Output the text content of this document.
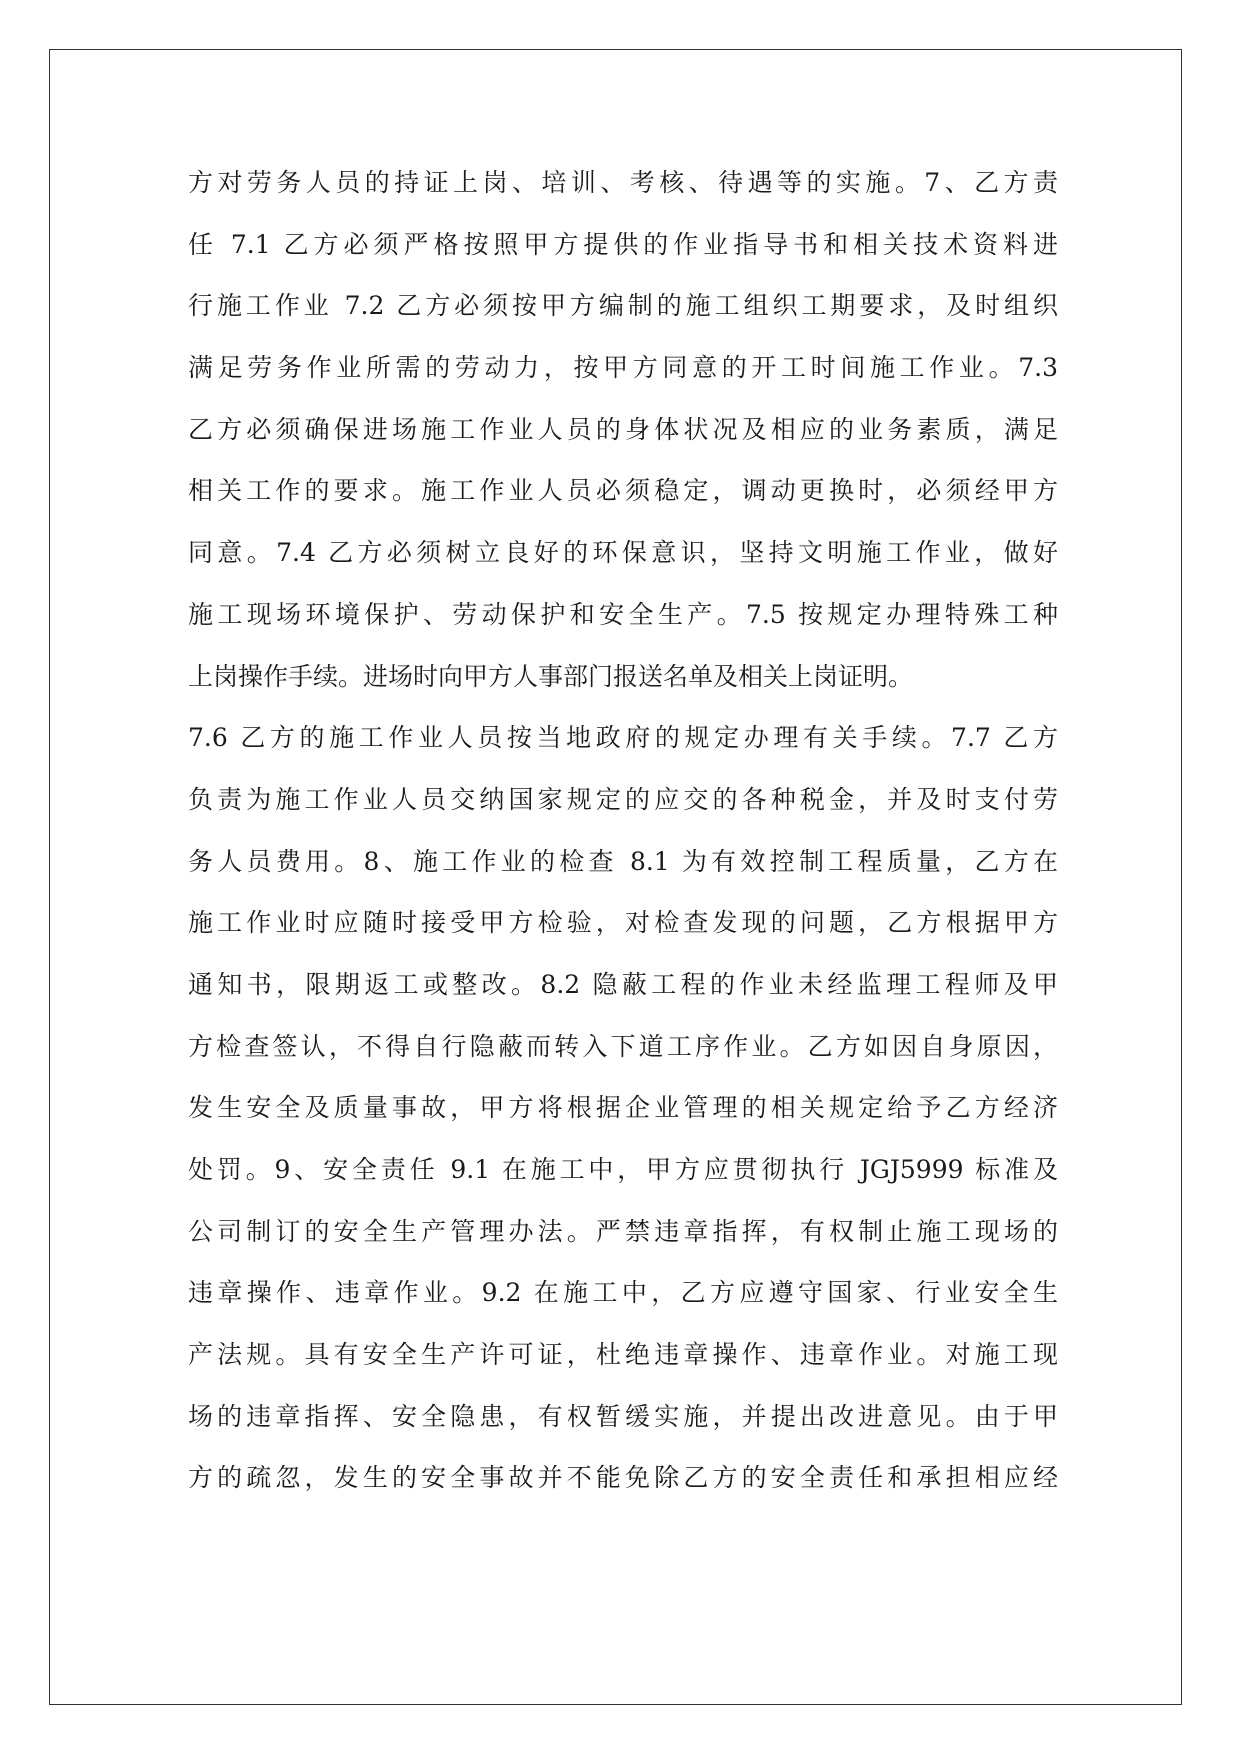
方对劳务人员的持证上岗、培训、考核、待遇等的实施。7、乙方责
任 7.1 乙方必须严格按照甲方提供的作业指导书和相关技术资料进
行施工作业 7.2 乙方必须按甲方编制的施工组织工期要求，及时组织
满足劳务作业所需的劳动力，按甲方同意的开工时间施工作业。7.3
乙方必须确保进场施工作业人员的身体状况及相应的业务素质，满足
相关工作的要求。施工作业人员必须稳定，调动更换时，必须经甲方
同意。7.4 乙方必须树立良好的环保意识，坚持文明施工作业，做好
施工现场环境保护、劳动保护和安全生产。7.5 按规定办理特殊工种
上岗操作手续。进场时向甲方人事部门报送名单及相关上岗证明。
7.6 乙方的施工作业人员按当地政府的规定办理有关手续。7.7 乙方
负责为施工作业人员交纳国家规定的应交的各种税金，并及时支付劳
务人员费用。8、施工作业的检查 8.1 为有效控制工程质量，乙方在
施工作业时应随时接受甲方检验，对检查发现的问题，乙方根据甲方
通知书，限期返工或整改。8.2 隐蔽工程的作业未经监理工程师及甲
方检查签认，不得自行隐蔽而转入下道工序作业。乙方如因自身原因，
发生安全及质量事故，甲方将根据企业管理的相关规定给予乙方经济
处罚。9、安全责任 9.1 在施工中，甲方应贯彻执行 JGJ5999 标准及
公司制订的安全生产管理办法。严禁违章指挥，有权制止施工现场的
违章操作、违章作业。9.2 在施工中，乙方应遵守国家、行业安全生
产法规。具有安全生产许可证，杜绝违章操作、违章作业。对施工现
场的违章指挥、安全隐患，有权暂缓实施，并提出改进意见。由于甲
方的疏忽，发生的安全事故并不能免除乙方的安全责任和承担相应经
